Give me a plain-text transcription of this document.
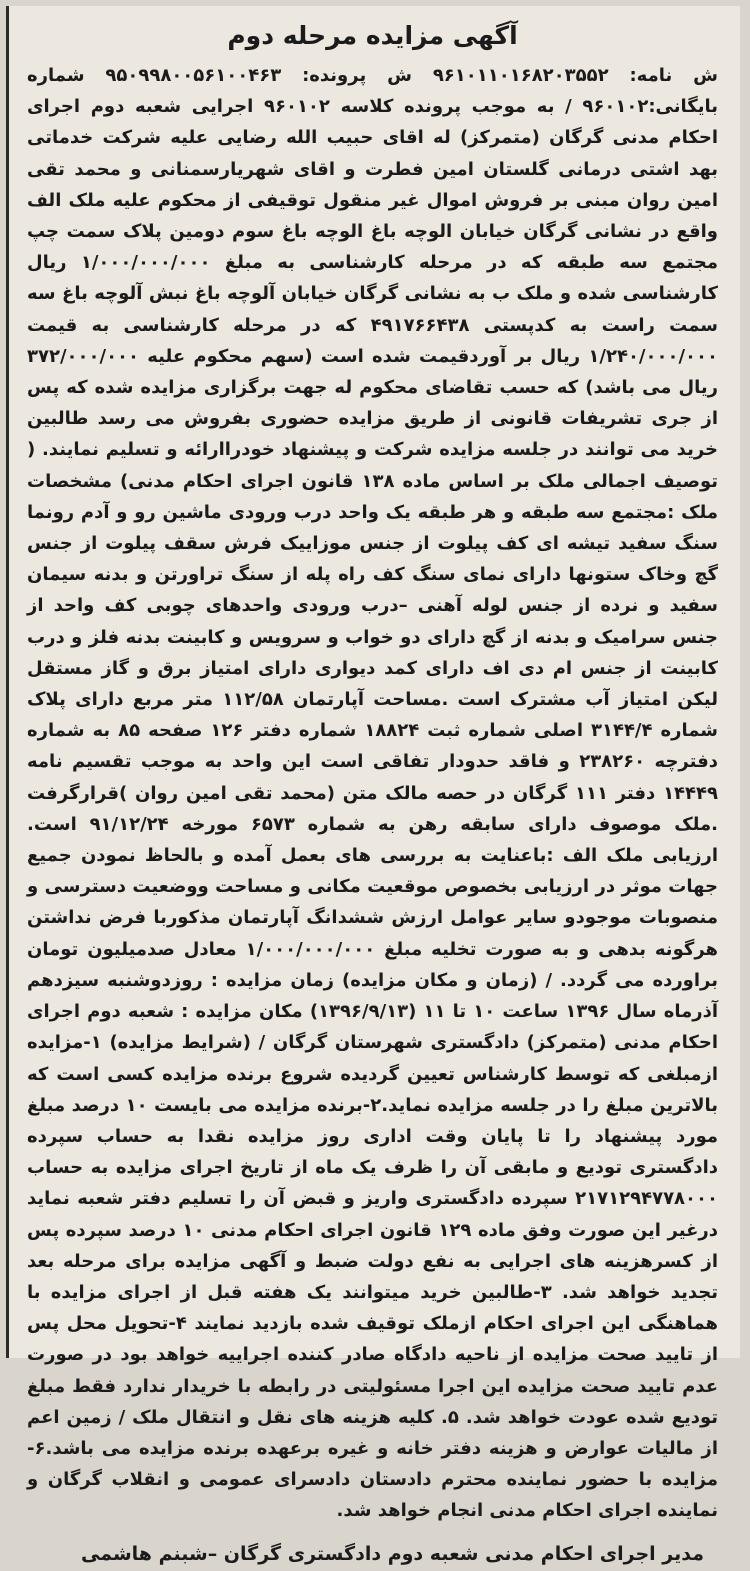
آگهی مزایده مرحله دوم

ش نامه: ۹۶۱۰۱۱۰۱۶۸۲۰۳۵۵۲ ش پرونده: ۹۵۰۹۹۸۰۰۵۶۱۰۰۴۶۳ شماره بایگانی:۹۶۰۱۰۲ / به موجب پرونده کلاسه ۹۶۰۱۰۲ اجرایی شعبه دوم اجرای احکام مدنی گرگان (متمرکز) له اقای حبیب الله رضایی علیه شرکت خدماتی بهد اشتی درمانی گلستان امین فطرت و اقای شهریارسمنانی و محمد تقی امین روان مبنی بر فروش اموال غیر منقول توقیفی از محکوم علیه ملک الف واقع در نشانی گرگان خیابان الوچه باغ الوچه باغ سوم دومین پلاک سمت چپ مجتمع سه طبقه که در مرحله کارشناسی به مبلغ ۱/۰۰۰/۰۰۰/۰۰۰ ریال کارشناسی شده و ملک ب به نشانی گرگان خیابان آلوچه باغ نبش آلوچه باغ سه سمت راست به کدپستی ۴۹۱۷۶۶۴۳۸ که در مرحله کارشناسی به قیمت ۱/۲۴۰/۰۰۰/۰۰۰ ریال بر آوردقیمت شده است (سهم محکوم علیه ۳۷۲/۰۰۰/۰۰۰ ریال می باشد) که حسب تقاضای محکوم له جهت برگزاری مزایده شده که پس از جری تشریفات قانونی از طریق مزایده حضوری بفروش می رسد طالبین خرید می توانند در جلسه مزایده شرکت و پیشنهاد خودراارائه و تسلیم نمایند. ( توصیف اجمالی ملک بر اساس ماده ۱۳۸ قانون اجرای احکام مدنی) مشخصات ملک :مجتمع سه طبقه و هر طبقه یک واحد درب ورودی ماشین رو و آدم رونما سنگ سفید تیشه ای کف پیلوت از جنس موزاییک فرش سقف پیلوت از جنس گچ وخاک ستونها دارای نمای سنگ کف راه پله از سنگ تراورتن و بدنه سیمان سفید و نرده از جنس لوله آهنی –درب ورودی واحدهای چوبی کف واحد از جنس سرامیک و بدنه از گچ دارای دو خواب و سرویس و کابینت بدنه فلز و درب کابینت از جنس ام دی اف دارای کمد دیواری دارای امتیاز برق و گاز مستقل لیکن امتیاز آب مشترک است .مساحت آپارتمان ۱۱۲/۵۸ متر مربع دارای پلاک شماره ۳۱۴۴/۴ اصلی شماره ثبت ۱۸۸۲۴ شماره دفتر ۱۲۶ صفحه ۸۵ به شماره دفترچه ۲۳۸۲۶۰ و فاقد حدودار تفاقی است این واحد به موجب تقسیم نامه ۱۴۴۴۹ دفتر ۱۱۱ گرگان در حصه مالک متن (محمد تقی امین روان )قرارگرفت .ملک موصوف دارای سابقه رهن به شماره ۶۵۷۳ مورخه ۹۱/۱۲/۲۴ است. ارزیابی ملک الف :باعنایت به بررسی های بعمل آمده و بالحاظ نمودن جمیع جهات موثر در ارزیابی بخصوص موقعیت مکانی و مساحت ووضعیت دسترسی و منصوبات موجودو سایر عوامل ارزش ششدانگ آپارتمان مذکوربا فرض نداشتن هرگونه بدهی و به صورت تخلیه مبلغ ۱/۰۰۰/۰۰۰/۰۰۰ معادل صدمیلیون تومان براورده می گردد. / (زمان و مکان مزایده) زمان مزایده : روزدوشنبه سیزدهم آذرماه سال ۱۳۹۶ ساعت ۱۰ تا ۱۱ (۱۳۹۶/۹/۱۳) مکان مزایده : شعبه دوم اجرای احکام مدنی (متمرکز) دادگستری شهرستان گرگان / (شرایط مزایده) ۱-مزایده ازمبلغی که توسط کارشناس تعیین گردیده شروع برنده مزایده کسی است که بالاترین مبلغ را در جلسه مزایده نماید.۲-برنده مزایده می بایست ۱۰ درصد مبلغ مورد پیشنهاد را تا پایان وقت اداری روز مزایده نقدا به حساب سپرده دادگستری تودیع و مابقی آن را ظرف یک ماه از تاریخ اجرای مزایده به حساب ۲۱۷۱۲۹۴۷۷۸۰۰۰ سپرده دادگستری واریز و قبض آن را تسلیم دفتر شعبه نماید درغیر این صورت وفق ماده ۱۲۹ قانون اجرای احکام مدنی ۱۰ درصد سپرده پس از کسرهزینه های اجرایی به نفع دولت ضبط و آگهی مزایده برای مرحله بعد تجدید خواهد شد. ۳-طالبین خرید میتوانند یک هفته قبل از اجرای مزایده با هماهنگی این اجرای احکام ازملک توقیف شده بازدید نمایند ۴-تحویل محل پس از تایید صحت مزایده از ناحیه دادگاه صادر کننده اجراییه خواهد بود در صورت عدم تایید صحت مزایده این اجرا مسئولیتی در رابطه با خریدار ندارد فقط مبلغ تودیع شده عودت خواهد شد. ۵. کلیه هزینه های نقل و انتقال ملک / زمین اعم از مالیات عوارض و هزینه دفتر خانه و غیره برعهده برنده مزایده می باشد.۶- مزایده با حضور نماینده محترم دادستان دادسرای عمومی و انقلاب گرگان و نماینده اجرای احکام مدنی انجام خواهد شد.

مدیر اجرای احکام مدنی شعبه دوم دادگستری گرگان –شبنم هاشمی
